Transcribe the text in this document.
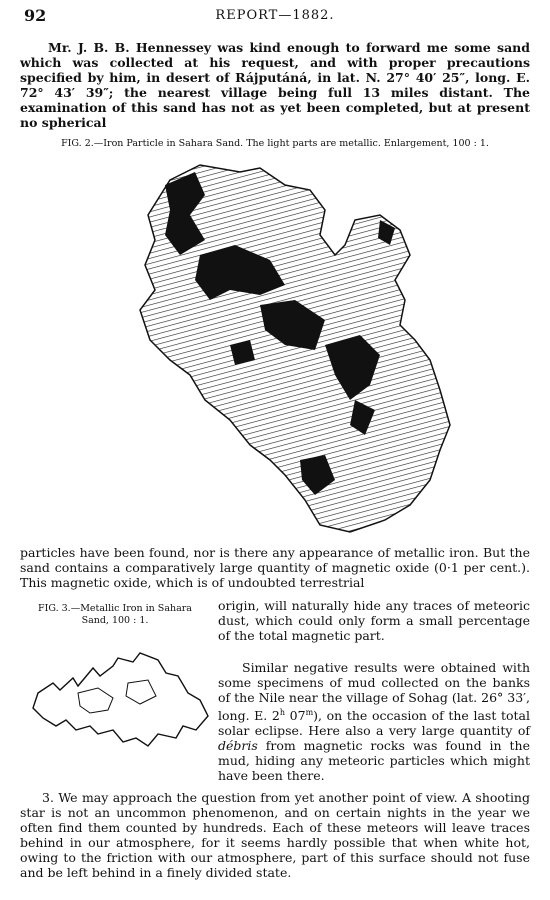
92	REPORT—1882.

Mr. J. B. B. Hennessey was kind enough to forward me some sand which was collected at his request, and with proper precautions specified by him, in desert of Rájputáná, in lat. N. 27° 40′ 25″, long. E. 72° 43′ 39″; the nearest village being full 13 miles distant. The examination of this sand has not as yet been completed, but at present no spherical

FIG. 2.—Iron Particle in Sahara Sand. The light parts are metallic. Enlargement, 100 : 1.

particles have been found, nor is there any appearance of metallic iron. But the sand contains a comparatively large quantity of magnetic oxide (0·1 per cent.). This magnetic oxide, which is of undoubted terrestrial

FIG. 3.—Metallic Iron in Sahara
Sand, 100 : 1.

origin, will naturally hide any traces of meteoric dust, which could only form a small percentage of the total magnetic part.

Similar negative results were obtained with some specimens of mud collected on the banks of the Nile near the village of Sohag (lat. 26° 33′, long. E. 2$^h$ 07$^m$), on the occasion of the last total solar eclipse. Here also a very large quantity of débris from magnetic rocks was found in the mud, hiding any meteoric particles which might have been there.

3. We may approach the question from yet another point of view. A shooting star is not an uncommon phenomenon, and on certain nights in the year we often find them counted by hundreds. Each of these meteors will leave traces behind in our atmosphere, for it seems hardly possible that when white hot, owing to the friction with our atmosphere, part of this surface should not fuse and be left behind in a finely divided state.
